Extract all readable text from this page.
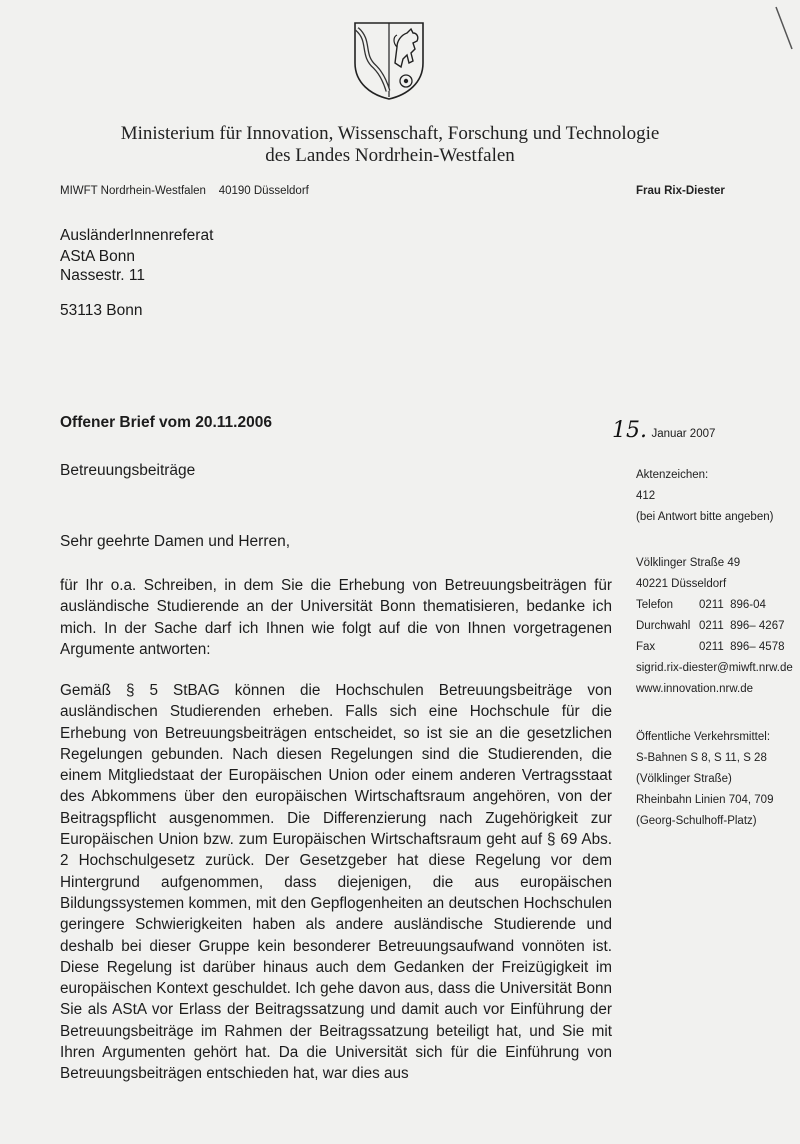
Ministerium für Innovation, Wissenschaft, Forschung und Technologie
des Landes Nordrhein-Westfalen
MIWFT Nordrhein-Westfalen    40190 Düsseldorf	Frau Rix-Diester
AusländerInnenreferat
AStA Bonn
Nassestr. 11
53113 Bonn
Offener Brief vom 20.11.2006	15. Januar 2007
Betreuungsbeiträge	Aktenzeichen:
412
(bei Antwort bitte angeben)
Völklinger Straße 49
40221 Düsseldorf
Telefon	0211  896-04
Durchwahl 0211  896– 4267
Fax	0211  896– 4578
sigrid.rix-diester@miwft.nrw.de
www.innovation.nrw.de
Öffentliche Verkehrsmittel:
S-Bahnen S 8, S 11, S 28
(Völklinger Straße)
Rheinbahn Linien 704, 709
(Georg-Schulhoff-Platz)
Sehr geehrte Damen und Herren,
für Ihr o.a. Schreiben, in dem Sie die Erhebung von Betreuungsbeiträgen für ausländische Studierende an der Universität Bonn thematisieren, bedanke ich mich. In der Sache darf ich Ihnen wie folgt auf die von Ihnen vorgetragenen Argumente antworten:
Gemäß § 5 StBAG können die Hochschulen Betreuungsbeiträge von ausländischen Studierenden erheben. Falls sich eine Hochschule für die Erhebung von Betreuungsbeiträgen entscheidet, so ist sie an die gesetzlichen Regelungen gebunden. Nach diesen Regelungen sind die Studierenden, die einem Mitgliedstaat der Europäischen Union oder einem anderen Vertragsstaat des Abkommens über den europäischen Wirtschaftsraum angehören, von der Beitragspflicht ausgenommen. Die Differenzierung nach Zugehörigkeit zur Europäischen Union bzw. zum Europäischen Wirtschaftsraum geht auf § 69 Abs. 2 Hochschulgesetz zurück. Der Gesetzgeber hat diese Regelung vor dem Hintergrund aufgenommen, dass diejenigen, die aus europäischen Bildungssystemen kommen, mit den Gepflogenheiten an deutschen Hochschulen geringere Schwierigkeiten haben als andere ausländische Studierende und deshalb bei dieser Gruppe kein besonderer Betreuungsaufwand vonnöten ist. Diese Regelung ist darüber hinaus auch dem Gedanken der Freizügigkeit im europäischen Kontext geschuldet. Ich gehe davon aus, dass die Universität Bonn Sie als AStA vor Erlass der Beitragssatzung und damit auch vor Einführung der Betreuungsbeiträge im Rahmen der Beitragssatzung beteiligt hat, und Sie mit Ihren Argumenten gehört hat. Da die Universität sich für die Einführung von Betreuungsbeiträgen entschieden hat, war dies aus
